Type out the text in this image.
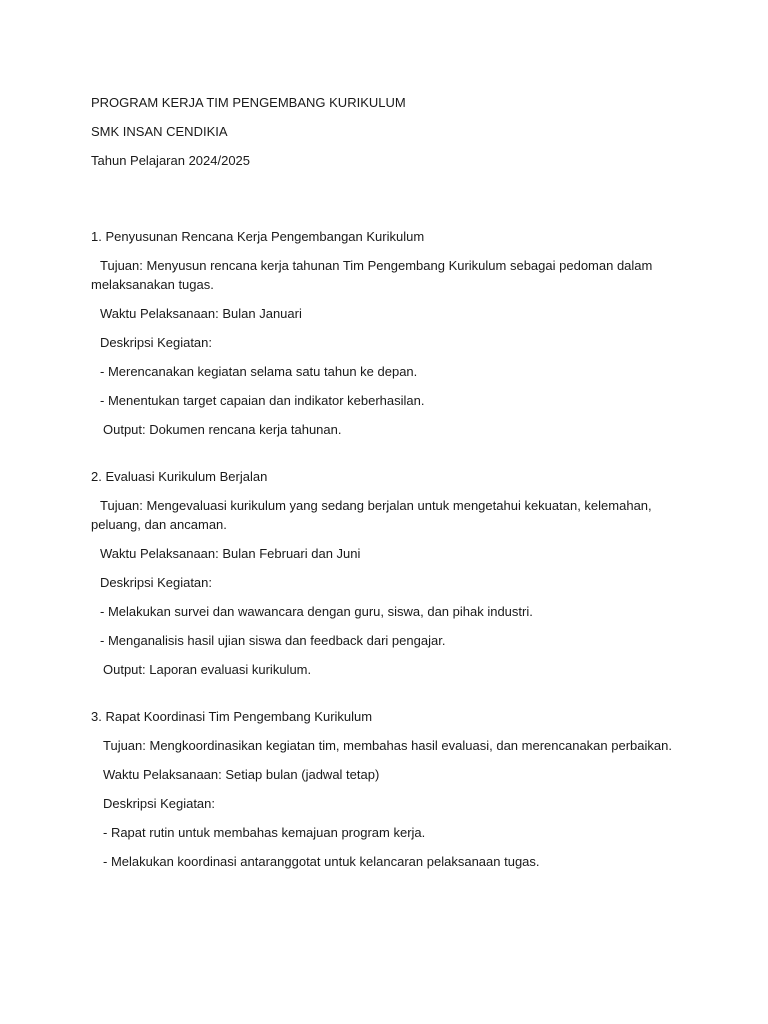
PROGRAM KERJA TIM PENGEMBANG KURIKULUM

SMK INSAN CENDIKIA

Tahun Pelajaran 2024/2025

1. Penyusunan Rencana Kerja Pengembangan Kurikulum

Tujuan: Menyusun rencana kerja tahunan Tim Pengembang Kurikulum sebagai pedoman dalam melaksanakan tugas.

Waktu Pelaksanaan: Bulan Januari

Deskripsi Kegiatan:

- Merencanakan kegiatan selama satu tahun ke depan.

- Menentukan target capaian dan indikator keberhasilan.

Output: Dokumen rencana kerja tahunan.

2. Evaluasi Kurikulum Berjalan

Tujuan: Mengevaluasi kurikulum yang sedang berjalan untuk mengetahui kekuatan, kelemahan, peluang, dan ancaman.

Waktu Pelaksanaan: Bulan Februari dan Juni

Deskripsi Kegiatan:

- Melakukan survei dan wawancara dengan guru, siswa, dan pihak industri.

- Menganalisis hasil ujian siswa dan feedback dari pengajar.

Output: Laporan evaluasi kurikulum.

3. Rapat Koordinasi Tim Pengembang Kurikulum

Tujuan: Mengkoordinasikan kegiatan tim, membahas hasil evaluasi, dan merencanakan perbaikan.

Waktu Pelaksanaan: Setiap bulan (jadwal tetap)

Deskripsi Kegiatan:

- Rapat rutin untuk membahas kemajuan program kerja.

- Melakukan koordinasi antaranggotat untuk kelancaran pelaksanaan tugas.
